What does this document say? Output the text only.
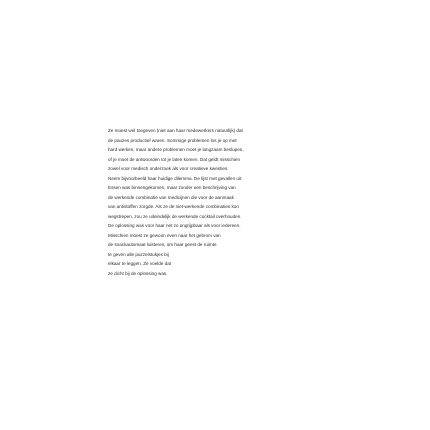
Ze moest wel toegeven (niet aan haar medewerkers natuurlijk) dat
de pauzes productief waren. Sommige problemen los je op met
hard werken, maar andere problemen moet je langzaam beslupen,
of je moet de antwoorden tot je laten komen. Dat geldt misschien
zowel voor medisch onderzoek als voor creatieve kwesties.
Neem bijvoorbeeld haar huidige dilemma. De lijst met gevallen uit
Essen was binnengekomen, maar zonder een beschrijving van
de werkende combinatie van medicijnen die voor de aanmaak
van antistoffen zorgde. Als ze de niet-werkende combinaties kon
wegstrepen, zou ze uiteindelijk de werkende cocktail overhouden.
De oplossing was voor haar net zo ongrijpbaar als voor iedereen.
Misschien moest ze gewoon even naar het gebrom van
de snackautomaat luisteren, om haar geest de ruimte
te geven alle puzzelstukjes bij
elkaar te leggen. Ze voelde dat
ze dicht bij de oplossing was.
